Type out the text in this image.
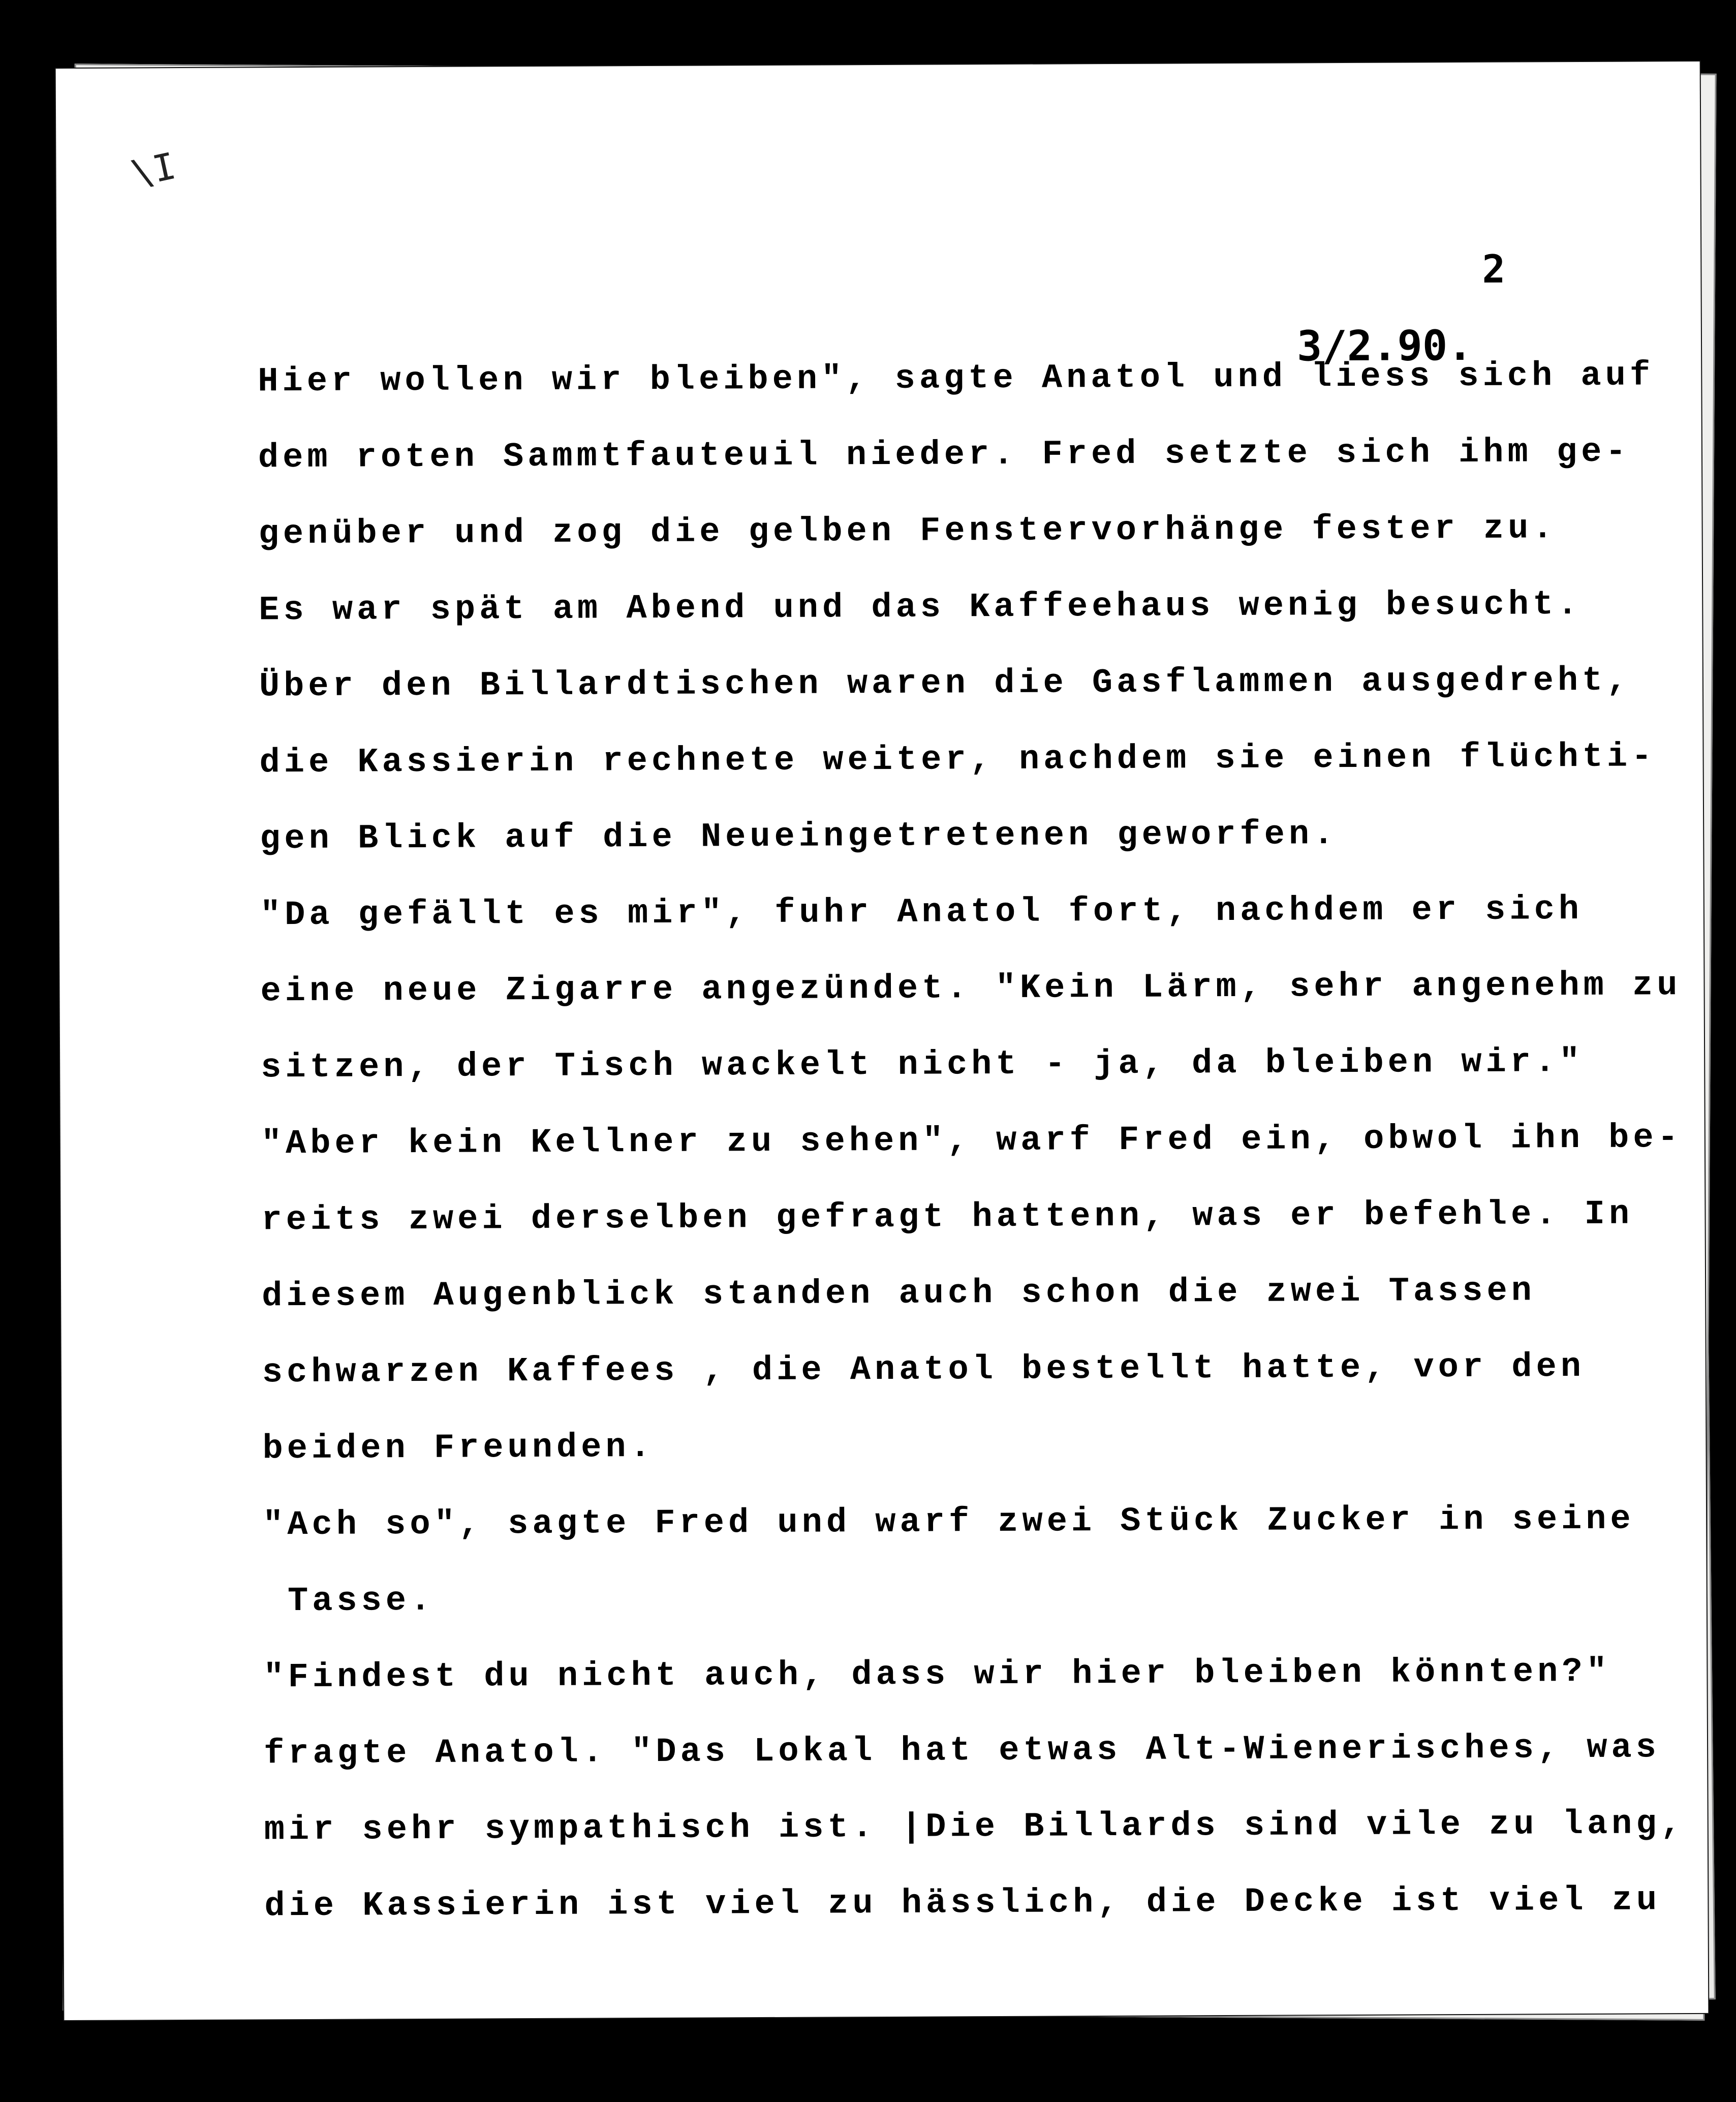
\I

2

3/2.90.

Hier wollen wir bleiben", sagte Anatol und liess sich auf

dem roten Sammtfauteuil nieder. Fred setzte sich ihm ge-

genüber und zog die gelben Fenstervorhänge fester zu.

Es war spät am Abend und das Kaffeehaus wenig besucht.

Über den Billardtischen waren die Gasflammen ausgedreht,

die Kassierin rechnete weiter, nachdem sie einen flüchti-

gen Blick auf die Neueingetretenen geworfen.

"Da gefällt es mir", fuhr Anatol fort, nachdem er sich

eine neue Zigarre angezündet. "Kein Lärm, sehr angenehm zu

sitzen, der Tisch wackelt nicht - ja, da bleiben wir."

"Aber kein Kellner zu sehen", warf Fred ein, obwol ihn be-

reits zwei derselben gefragt hattenn, was er befehle. In

diesem Augenblick standen auch schon die zwei Tassen

schwarzen Kaffees , die Anatol bestellt hatte, vor den

beiden Freunden.

"Ach so", sagte Fred und warf zwei Stück Zucker in seine

Tasse.

"Findest du nicht auch, dass wir hier bleiben könnten?"

fragte Anatol. "Das Lokal hat etwas Alt-Wienerisches, was

mir sehr sympathisch ist. |Die Billards sind vile zu lang,

die Kassierin ist viel zu hässlich, die Decke ist viel zu
